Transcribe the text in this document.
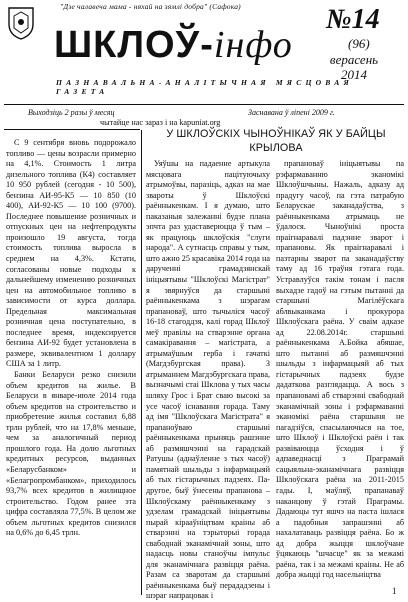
"Дзе чалавеча мама - няхай на зямлі добра" (Сафока)
ШКЛОЎ-інфо
№14
(96)
верасень
2014
ПАЗНАВАЛЬНА-АНАЛІТЫЧНАЯ МЯСЦОВАЯ ГАЗЕТА
Выходзіць 2 разы ў месяц	Заснавана ў ліпені 2009 г.
чытайце нас зараз і на kapuniat.org

С 9 сентября вновь подорожало топливо — цены возрасли примерно на 4,1%. Стоимость 1 литра дизельного топлива (К4) составляет 10 950 рублей (сегодня - 10 500), бензина АИ-95-К5 — 10 850 (10 400), АИ-92-К5 — 10 100 (9700). Последнее повышение розничных и отпускных цен на нефтепродукты произошло 19 августа, тогда стоимость топлива выросла в среднем на 4,3%. Кстати, согласованы новые подходы к дальнейшему изменению розничных цен на автомобильное топливо в зависимости от курса доллара. Предельная максимальная розничная цена поступательно, в последнее время, индексируется бензина АИ-92 будет установлена в размере, эквивалентном 1 доллару США за 1 литр.

Банки Беларуси резко снизили объем кредитов на жилье. В Беларуси в январе-июле 2014 года объем кредитов на строительство и приобретение жилья составил 6,88 трлн рублей, что на 17,8% меньше, чем за аналогичный период прошлого года. На долю льготных кредитных ресурсов, выданных «Беларусбанком» и «Белагропромбанком», приходилось 93,7% всех кредитов в жилищное строительство. Годом ранее эта цифра составляла 77,5%. В целом же объем льготных кредитов снизился на 0,6% до 6,45 трлн.

У ШКЛОЎСКІХ ЧЫНОЎНІКАЎ ЯК У БАЙЦЫ
КРЫЛОВА

Уяўшы на падаенне артыкула мясцовага пацітуючыху атрымоўвы, паразіць, адказ на мае звароты ў Шклоўскі раённыкенкам. І я думаю, што паказаныя залежанні будзе плана эпчта раз удаставерюцца ў тым – як працуюць шклоўскія "слуги народа". А сутнасць справы у тым, што ажно 25 красавіка 2014 года на дарученні грамадзянскай ініцыятывы "Шклоўскі Магістрат" я звярнуўся да старшыні раённыкенкама з шэрагам прапановаў, што тычыліся часоў 16-18 стагоддзя, калі горад Шклоў меў правілы на стварэнне органа самакіравання – магістрата, а атрымаўшым герба і гачаткі (Магдэбургская права). З атрыманнем Магдэбургскага права, вызначымі стаі Шклова у тых часы шляху Грос і Брат сваю высокі за усе часоў існавання горада. Таму ад імя "Шклоўскага Магістрата" я прапаноўваю старшыні раённыкенкама прыняць рашэнне аб размяшчэнні на гарадскай Ратушы (аднаўленне з тых часоў) памятнай шыльды з інфармацыяй аб тых гістарычных падзеях. Па-другое, быў ўнесены прапанова – Шклоўскаму раённыкенкаму з удзелам грамадскай ініцыятывы пырай кірааўніцтвам краіны аб стварэнні на тэрыторыі горада свабоднай эканамічнай зоны, што надасць новы станоўчы імпульс для эканамічнага развіцця раёна. Разам са зваротам да старшыні раённыкенкама быў перададзены і шэраг напрацовак і

прапановаў ініцыятывы па рэфармаванню эканомікі Шклоўшчыны. Нажаль, адказу ад прадугу часоў, па гэта патрабую Беларускае заканадаўства, з раённыкенкама атрымаць не ўдалося. Чыноўнікі проста праігнаравалі падэнне зварот і прапановы. Як праігнаравалі і пазтарны зварот па заканадаўству таму ад 16 траўня гэтага года. Устравлуўся такім тонам і пасля выхадзе гадоў на гэтым пытанні да старшыні Магілёўскага аблвыканкама і прокурора Шклоўскага раёна. У сваім адказе ад 22.08.2014г. старшыні раённыкенкама А.Бойка абяшае, што пытанні аб размяшчэнні шыльды з інфармацыяй аб тых гістарычных падзеях будзе дадаткова разглядацца. А вось з прапановамі аб стварэнні свабоднай эканамічнай зоны і рэфармаванні эканомікі раёна старшыня не пагадзіўся, спасылаючыся на тое, што Шклоў і Шклоўскі раён і так развіваюцца ўсходня і ў адпаведнасці з Праграмай сацыяльна-эканамічнага развіцця Шклоўскага раёна на 2011-2015 гады. І, маўляў, прапанаваў наканцову ў гэтай Праграмы. Дадаюцы тут яшчэ на паста ішлася а падобныя запрашэнні аб нахалатаваць развіцця раёна. Бо ж ад добра жыцця шклоўчане ўцякаюць "шчасце" як за межамі раёна, так і за межамі краіны. Не аб добра жыцці год насельніцтва

1
